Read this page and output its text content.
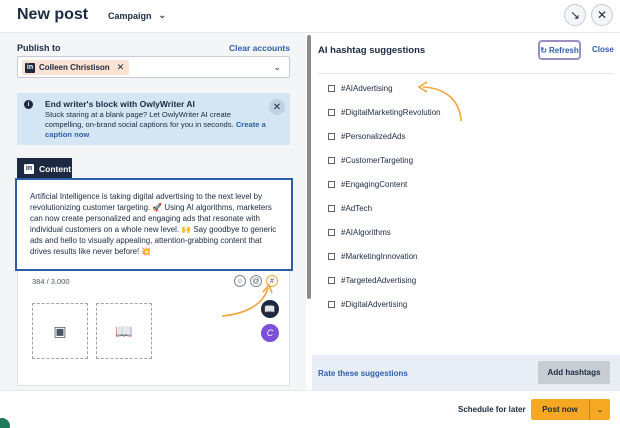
New post Campaign ⌄	↘ ✕
Publish to	Clear accounts
in Colleen Christison ✕	⌄
i	End writer's block with OwlyWriter AI
Stuck staring at a blank page? Let OwlyWriter AI create compelling, on-brand social captions for you in seconds. Create a caption now
✕
in Content
Artificial Intelligence is taking digital advertising to the next level by revolutionizing customer targeting. 🚀 Using AI algorithms, marketers can now create personalized and engaging ads that resonate with individual customers on a whole new level. 🙌 Say goodbye to generic ads and hello to visually appealing, attention-grabbing content that drives results like never before! 💥
384 / 3,000	☺	@	#
▣	📖
📖
C
AI hashtag suggestions	↻ Refresh Close
#AIAdvertising
#DigitalMarketingRevolution
#PersonalizedAds
#CustomerTargeting
#EngagingContent
#AdTech
#AIAlgorithms
#MarketingInnovation
#TargetedAdvertising
#DigitalAdvertising
Rate these suggestions	Add hashtags
Schedule for later	Post now	⌄
